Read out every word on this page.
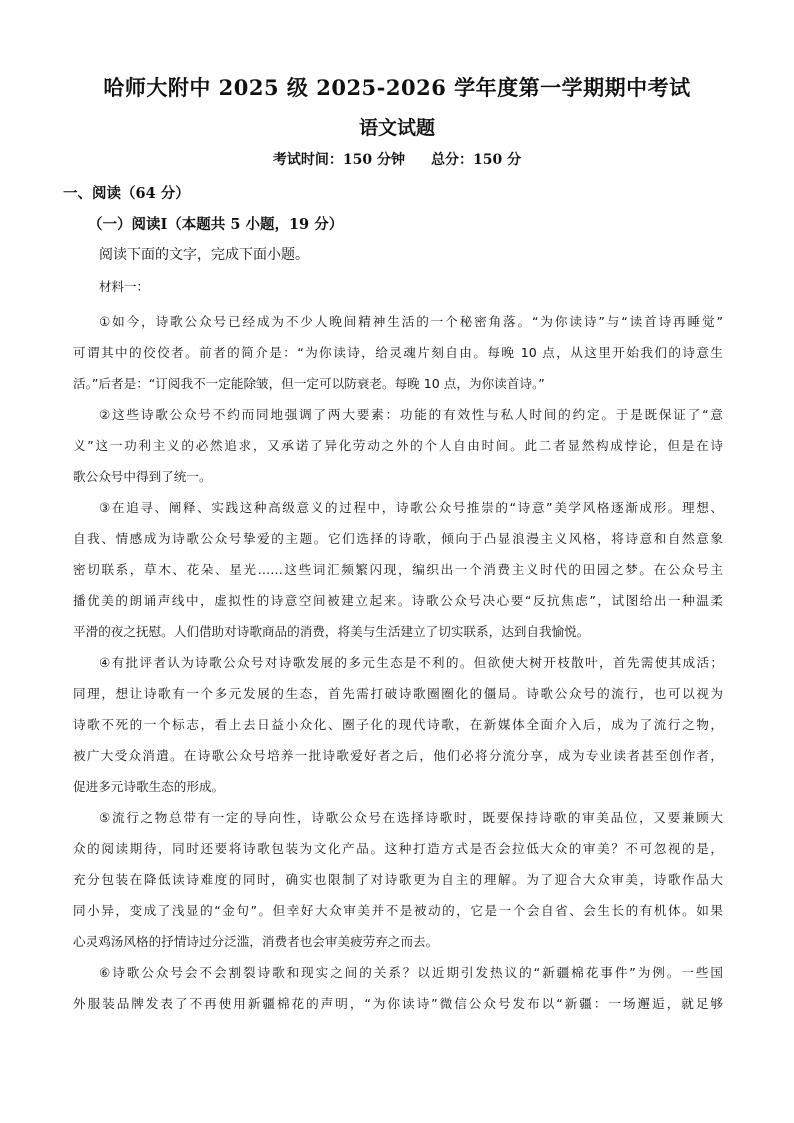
哈师大附中 2025 级 2025-2026 学年度第一学期期中考试
语文试题
考试时间：150 分钟 总分：150 分
一、阅读（64 分）
（一）阅读Ⅰ（本题共 5 小题，19 分）
阅读下面的文字，完成下面小题。
材料一：
①如今，诗歌公众号已经成为不少人晚间精神生活的一个秘密角落。“为你读诗”与“读首诗再睡觉”
可谓其中的佼佼者。前者的简介是：“为你读诗，给灵魂片刻自由。每晚 10 点，从这里开始我们的诗意生
活。”后者是：“订阅我不一定能除皱，但一定可以防衰老。每晚 10 点，为你读首诗。”
②这些诗歌公众号不约而同地强调了两大要素：功能的有效性与私人时间的约定。于是既保证了“意
义”这一功利主义的必然追求，又承诺了异化劳动之外的个人自由时间。此二者显然构成悖论，但是在诗
歌公众号中得到了统一。
③在追寻、阐释、实践这种高级意义的过程中，诗歌公众号推崇的“诗意”美学风格逐渐成形。理想、
自我、情感成为诗歌公众号挚爱的主题。它们选择的诗歌，倾向于凸显浪漫主义风格，将诗意和自然意象
密切联系，草木、花朵、星光……这些词汇频繁闪现，编织出一个消费主义时代的田园之梦。在公众号主
播优美的朗诵声线中，虚拟性的诗意空间被建立起来。诗歌公众号决心要“反抗焦虑”，试图给出一种温柔
平滑的夜之抚慰。人们借助对诗歌商品的消费，将美与生活建立了切实联系，达到自我愉悦。
④有批评者认为诗歌公众号对诗歌发展的多元生态是不利的。但欲使大树开枝散叶，首先需使其成活；
同理，想让诗歌有一个多元发展的生态，首先需打破诗歌圈圈化的僵局。诗歌公众号的流行，也可以视为
诗歌不死的一个标志，看上去日益小众化、圈子化的现代诗歌，在新媒体全面介入后，成为了流行之物，
被广大受众消遣。在诗歌公众号培养一批诗歌爱好者之后，他们必将分流分享，成为专业读者甚至创作者，
促进多元诗歌生态的形成。
⑤流行之物总带有一定的导向性，诗歌公众号在选择诗歌时，既要保持诗歌的审美品位，又要兼顾大
众的阅读期待，同时还要将诗歌包装为文化产品。这种打造方式是否会拉低大众的审美？不可忽视的是，
充分包装在降低读诗难度的同时，确实也限制了对诗歌更为自主的理解。为了迎合大众审美，诗歌作品大
同小异，变成了浅显的“金句”。但幸好大众审美并不是被动的，它是一个会自省、会生长的有机体。如果
心灵鸡汤风格的抒情诗过分泛滥，消费者也会审美疲劳弃之而去。
⑥诗歌公众号会不会割裂诗歌和现实之间的关系？以近期引发热议的“新疆棉花事件”为例。一些国
外服装品牌发表了不再使用新疆棉花的声明，“为你读诗”微信公众号发布以“新疆：一场邂逅，就足够
